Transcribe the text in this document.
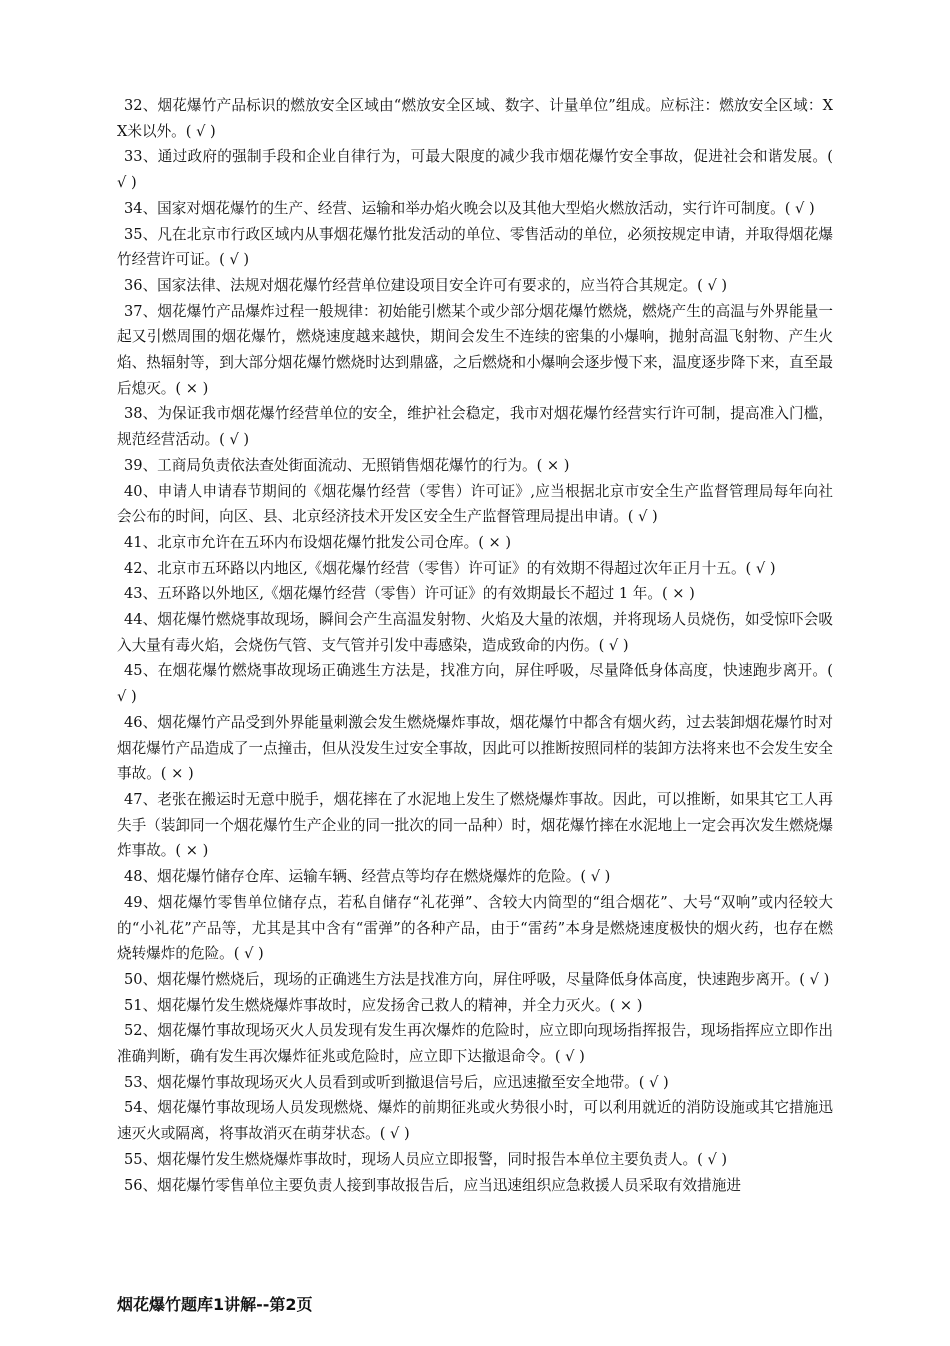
32、烟花爆竹产品标识的燃放安全区域由“燃放安全区域、数字、计量单位”组成。应标注：燃放安全区域：XX米以外。( √ )

33、通过政府的强制手段和企业自律行为，可最大限度的减少我市烟花爆竹安全事故，促进社会和谐发展。( √ )

34、国家对烟花爆竹的生产、经营、运输和举办焰火晚会以及其他大型焰火燃放活动，实行许可制度。( √ )

35、凡在北京市行政区域内从事烟花爆竹批发活动的单位、零售活动的单位，必须按规定申请，并取得烟花爆竹经营许可证。( √ )

36、国家法律、法规对烟花爆竹经营单位建设项目安全许可有要求的，应当符合其规定。( √ )

37、烟花爆竹产品爆炸过程一般规律：初始能引燃某个或少部分烟花爆竹燃烧，燃烧产生的高温与外界能量一起又引燃周围的烟花爆竹，燃烧速度越来越快，期间会发生不连续的密集的小爆响，抛射高温飞射物、产生火焰、热辐射等，到大部分烟花爆竹燃烧时达到鼎盛，之后燃烧和小爆响会逐步慢下来，温度逐步降下来，直至最后熄灭。( × )

38、为保证我市烟花爆竹经营单位的安全，维护社会稳定，我市对烟花爆竹经营实行许可制，提高准入门槛，规范经营活动。( √ )

39、工商局负责依法查处街面流动、无照销售烟花爆竹的行为。( × )

40、申请人申请春节期间的《烟花爆竹经营（零售）许可证》,应当根据北京市安全生产监督管理局每年向社会公布的时间，向区、县、北京经济技术开发区安全生产监督管理局提出申请。( √ )

41、北京市允许在五环内布设烟花爆竹批发公司仓库。( × )

42、北京市五环路以内地区,《烟花爆竹经营（零售）许可证》的有效期不得超过次年正月十五。( √ )

43、五环路以外地区,《烟花爆竹经营（零售）许可证》的有效期最长不超过 1 年。( × )

44、烟花爆竹燃烧事故现场，瞬间会产生高温发射物、火焰及大量的浓烟，并将现场人员烧伤，如受惊吓会吸入大量有毒火焰，会烧伤气管、支气管并引发中毒感染，造成致命的内伤。( √ )

45、在烟花爆竹燃烧事故现场正确逃生方法是，找准方向，屏住呼吸，尽量降低身体高度，快速跑步离开。( √ )

46、烟花爆竹产品受到外界能量刺激会发生燃烧爆炸事故，烟花爆竹中都含有烟火药，过去装卸烟花爆竹时对烟花爆竹产品造成了一点撞击，但从没发生过安全事故，因此可以推断按照同样的装卸方法将来也不会发生安全事故。( × )

47、老张在搬运时无意中脱手，烟花摔在了水泥地上发生了燃烧爆炸事故。因此，可以推断，如果其它工人再失手（装卸同一个烟花爆竹生产企业的同一批次的同一品种）时，烟花爆竹摔在水泥地上一定会再次发生燃烧爆炸事故。( × )

48、烟花爆竹储存仓库、运输车辆、经营点等均存在燃烧爆炸的危险。( √ )

49、烟花爆竹零售单位储存点，若私自储存“礼花弹”、含较大内筒型的“组合烟花”、大号“双响”或内径较大的“小礼花”产品等，尤其是其中含有“雷弹”的各种产品，由于“雷药”本身是燃烧速度极快的烟火药，也存在燃烧转爆炸的危险。( √ )

50、烟花爆竹燃烧后，现场的正确逃生方法是找准方向，屏住呼吸，尽量降低身体高度，快速跑步离开。( √ )

51、烟花爆竹发生燃烧爆炸事故时，应发扬舍己救人的精神，并全力灭火。( × )

52、烟花爆竹事故现场灭火人员发现有发生再次爆炸的危险时，应立即向现场指挥报告，现场指挥应立即作出准确判断，确有发生再次爆炸征兆或危险时，应立即下达撤退命令。( √ )

53、烟花爆竹事故现场灭火人员看到或听到撤退信号后，应迅速撤至安全地带。( √ )

54、烟花爆竹事故现场人员发现燃烧、爆炸的前期征兆或火势很小时，可以利用就近的消防设施或其它措施迅速灭火或隔离，将事故消灭在萌芽状态。( √ )

55、烟花爆竹发生燃烧爆炸事故时，现场人员应立即报警，同时报告本单位主要负责人。( √ )

56、烟花爆竹零售单位主要负责人接到事故报告后，应当迅速组织应急救援人员采取有效措施进

烟花爆竹题库1讲解--第2页
